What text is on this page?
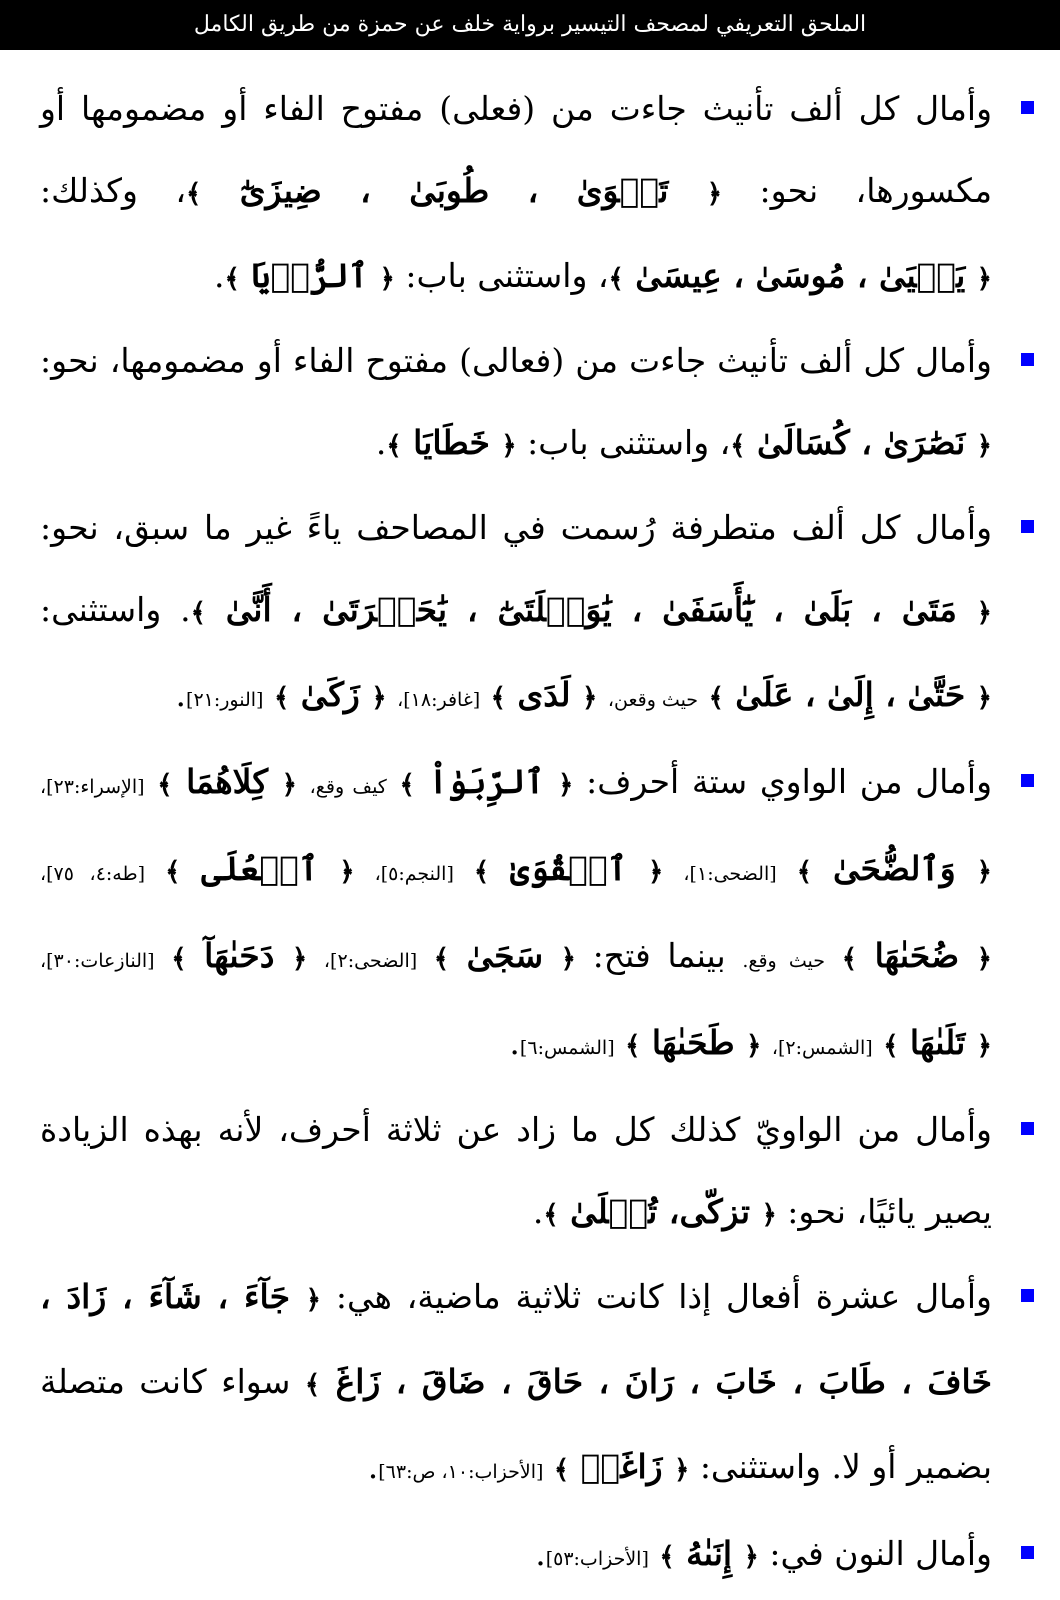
الملحق التعريفي لمصحف التيسير برواية خلف عن حمزة من طريق الكامل

وأمال كل ألف تأنيث جاءت من (فعلى) مفتوح الفاء أو مضمومها أو مكسورها، نحو: ﴿ تَقۡوَىٰ ، طُوبَىٰ ، ضِيزَىٰٓ ﴾، وكذلك: ﴿ يَحۡيَىٰ ، مُوسَىٰ ، عِيسَىٰ ﴾، واستثنى باب: ﴿ ٱلرُّءۡيَا ﴾.

وأمال كل ألف تأنيث جاءت من (فعالى) مفتوح الفاء أو مضمومها، نحو: ﴿ نَصَٰرَىٰ ، كُسَالَىٰ ﴾، واستثنى باب: ﴿ خَطَايَا ﴾.

وأمال كل ألف متطرفة رُسمت في المصاحف ياءً غير ما سبق، نحو: ﴿ مَتَىٰ ، بَلَىٰ ، يَٰٓأَسَفَىٰ ، يَٰوَيۡلَتَىٰٓ ، يَٰحَسۡرَتَىٰ ، أَنَّىٰ ﴾. واستثنى: ﴿ حَتَّىٰ ، إِلَىٰ ، عَلَىٰ ﴾ حيث وقعن، ﴿ لَدَى ﴾ [غافر:١٨]، ﴿ زَكَىٰ ﴾ [النور:٢١].

وأمال من الواوي ستة أحرف: ﴿ ٱلرِّبَوٰاْ ﴾ كيف وقع، ﴿ كِلَاهُمَا ﴾ [الإسراء:٢٣]، ﴿ وَٱلضُّحَىٰ ﴾ [الضحى:١]، ﴿ ٱلۡقُوَىٰ ﴾ [النجم:٥]، ﴿ ٱلۡعُلَى ﴾ [طه:٤، ٧٥]، ﴿ ضُحَىٰهَا ﴾ حيث وقع. بينما فتح: ﴿ سَجَىٰ ﴾ [الضحى:٢]، ﴿ دَحَىٰهَآ ﴾ [النازعات:٣٠]، ﴿ تَلَىٰهَا ﴾ [الشمس:٢]، ﴿ طَحَىٰهَا ﴾ [الشمس:٦].

وأمال من الواويّ كذلك كل ما زاد عن ثلاثة أحرف، لأنه بهذه الزيادة يصير يائيًا، نحو: ﴿ تزكّى، تُتۡلَىٰ ﴾.

وأمال عشرة أفعال إذا كانت ثلاثية ماضية، هي: ﴿ جَآءَ ، شَآءَ ، زَادَ ، خَافَ ، طَابَ ، خَابَ ، رَانَ ، حَاقَ ، ضَاقَ ، زَاغَ ﴾ سواء كانت متصلة بضمير أو لا. واستثنى: ﴿ زَاغَتۡ ﴾ [الأحزاب:١٠، ص:٦٣].

وأمال النون في: ﴿ إِنَىٰهُ ﴾ [الأحزاب:٥٣].
